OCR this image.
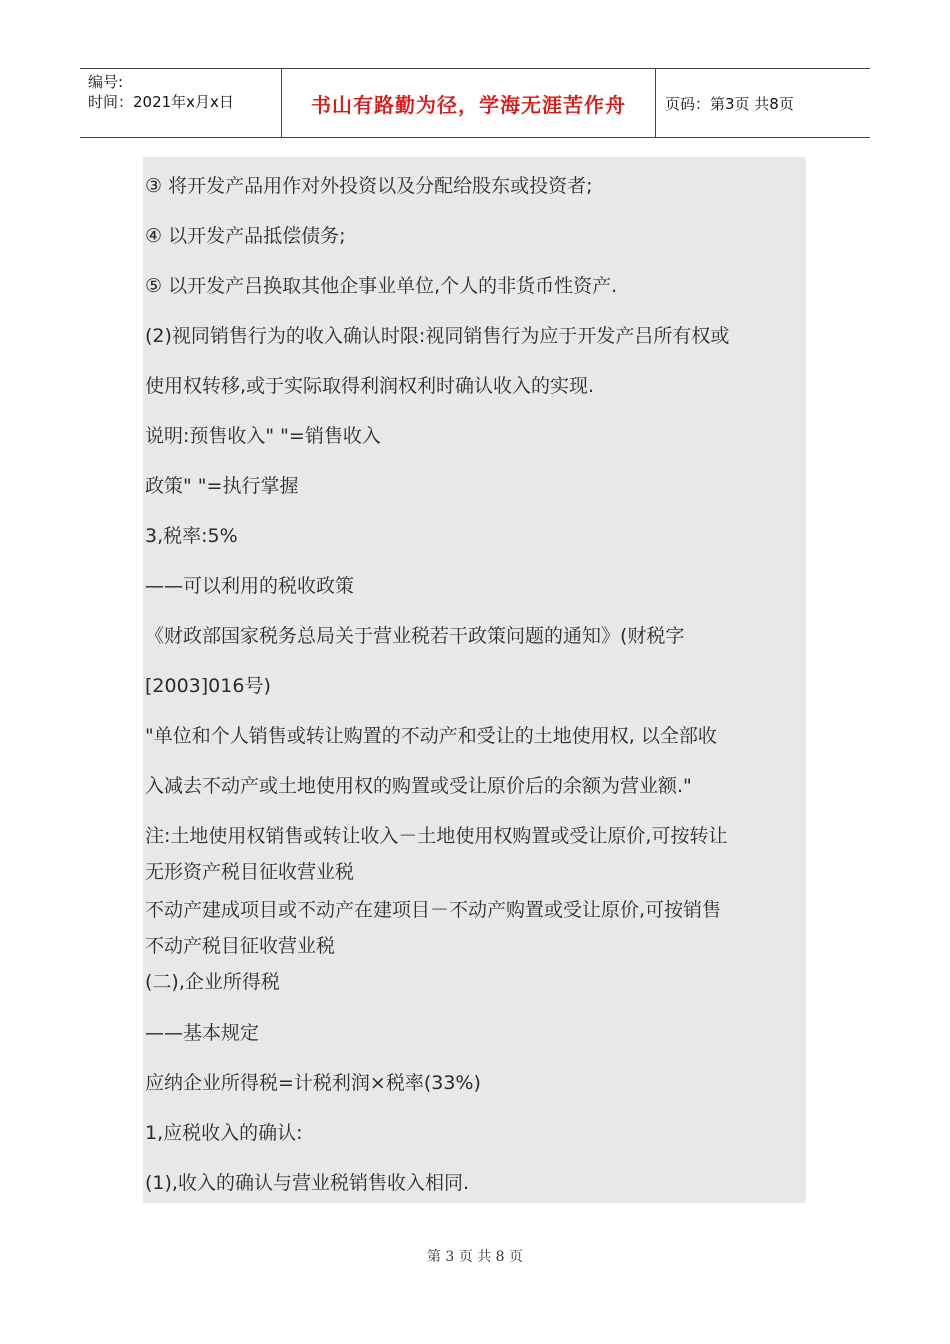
编号:
时间：2021年x月x日	书山有路勤为径，学海无涯苦作舟	页码：第3页 共8页
③ 将开发产品用作对外投资以及分配给股东或投资者;
④ 以开发产品抵偿债务;
⑤ 以开发产吕换取其他企事业单位,个人的非货币性资产.
(2)视同销售行为的收入确认时限:视同销售行为应于开发产吕所有权或
使用权转移,或于实际取得利润权利时确认收入的实现.
说明:预售收入" "=销售收入
政策" "=执行掌握
3,税率:5%
——可以利用的税收政策
《财政部国家税务总局关于营业税若干政策问题的通知》(财税字
[2003]016号)
"单位和个人销售或转让购置的不动产和受让的土地使用权, 以全部收
入减去不动产或土地使用权的购置或受让原价后的余额为营业额."
注:土地使用权销售或转让收入－土地使用权购置或受让原价,可按转让
无形资产税目征收营业税
不动产建成项目或不动产在建项目－不动产购置或受让原价,可按销售
不动产税目征收营业税
(二),企业所得税
——基本规定
应纳企业所得税=计税利润×税率(33%)
1,应税收入的确认:
(1),收入的确认与营业税销售收入相同.
第 3 页 共 8 页
